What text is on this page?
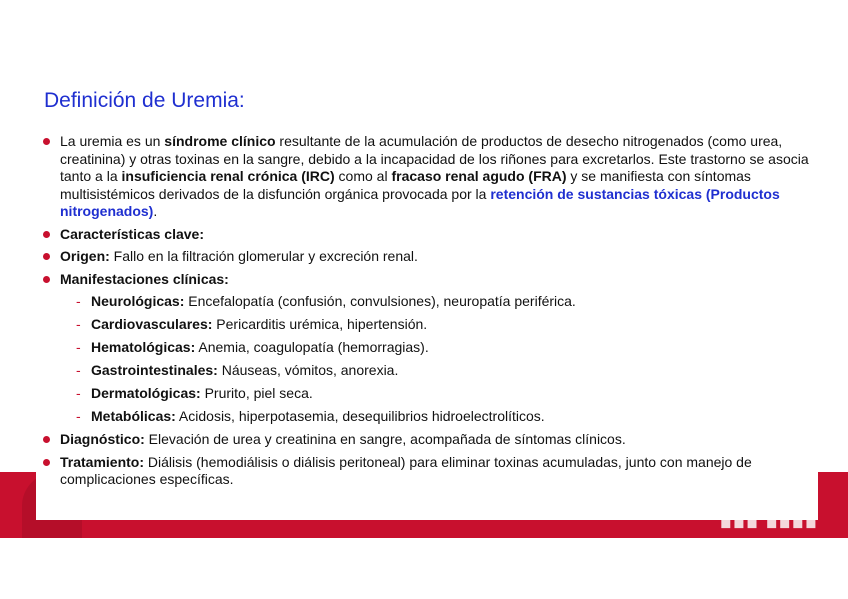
Definición de Uremia:
La uremia es un síndrome clínico resultante de la acumulación de productos de desecho nitrogenados (como urea, creatinina) y otras toxinas en la sangre, debido a la incapacidad de los riñones para excretarlos. Este trastorno se asocia tanto a la insuficiencia renal crónica (IRC) como al fracaso renal agudo (FRA) y se manifiesta con síntomas multisistémicos derivados de la disfunción orgánica provocada por la retención de sustancias tóxicas (Productos nitrogenados).
Características clave:
Origen: Fallo en la filtración glomerular y excreción renal.
Manifestaciones clínicas:
- Neurológicas: Encefalopatía (confusión, convulsiones), neuropatía periférica.
- Cardiovasculares: Pericarditis urémica, hipertensión.
- Hematológicas: Anemia, coagulopatía (hemorragias).
- Gastrointestinales: Náuseas, vómitos, anorexia.
- Dermatológicas: Prurito, piel seca.
- Metabólicas: Acidosis, hiperpotasemia, desequilibrios hidroelectrolíticos.
Diagnóstico: Elevación de urea y creatinina en sangre, acompañada de síntomas clínicos.
Tratamiento: Diálisis (hemodiálisis o diálisis peritoneal) para eliminar toxinas acumuladas, junto con manejo de complicaciones específicas.
